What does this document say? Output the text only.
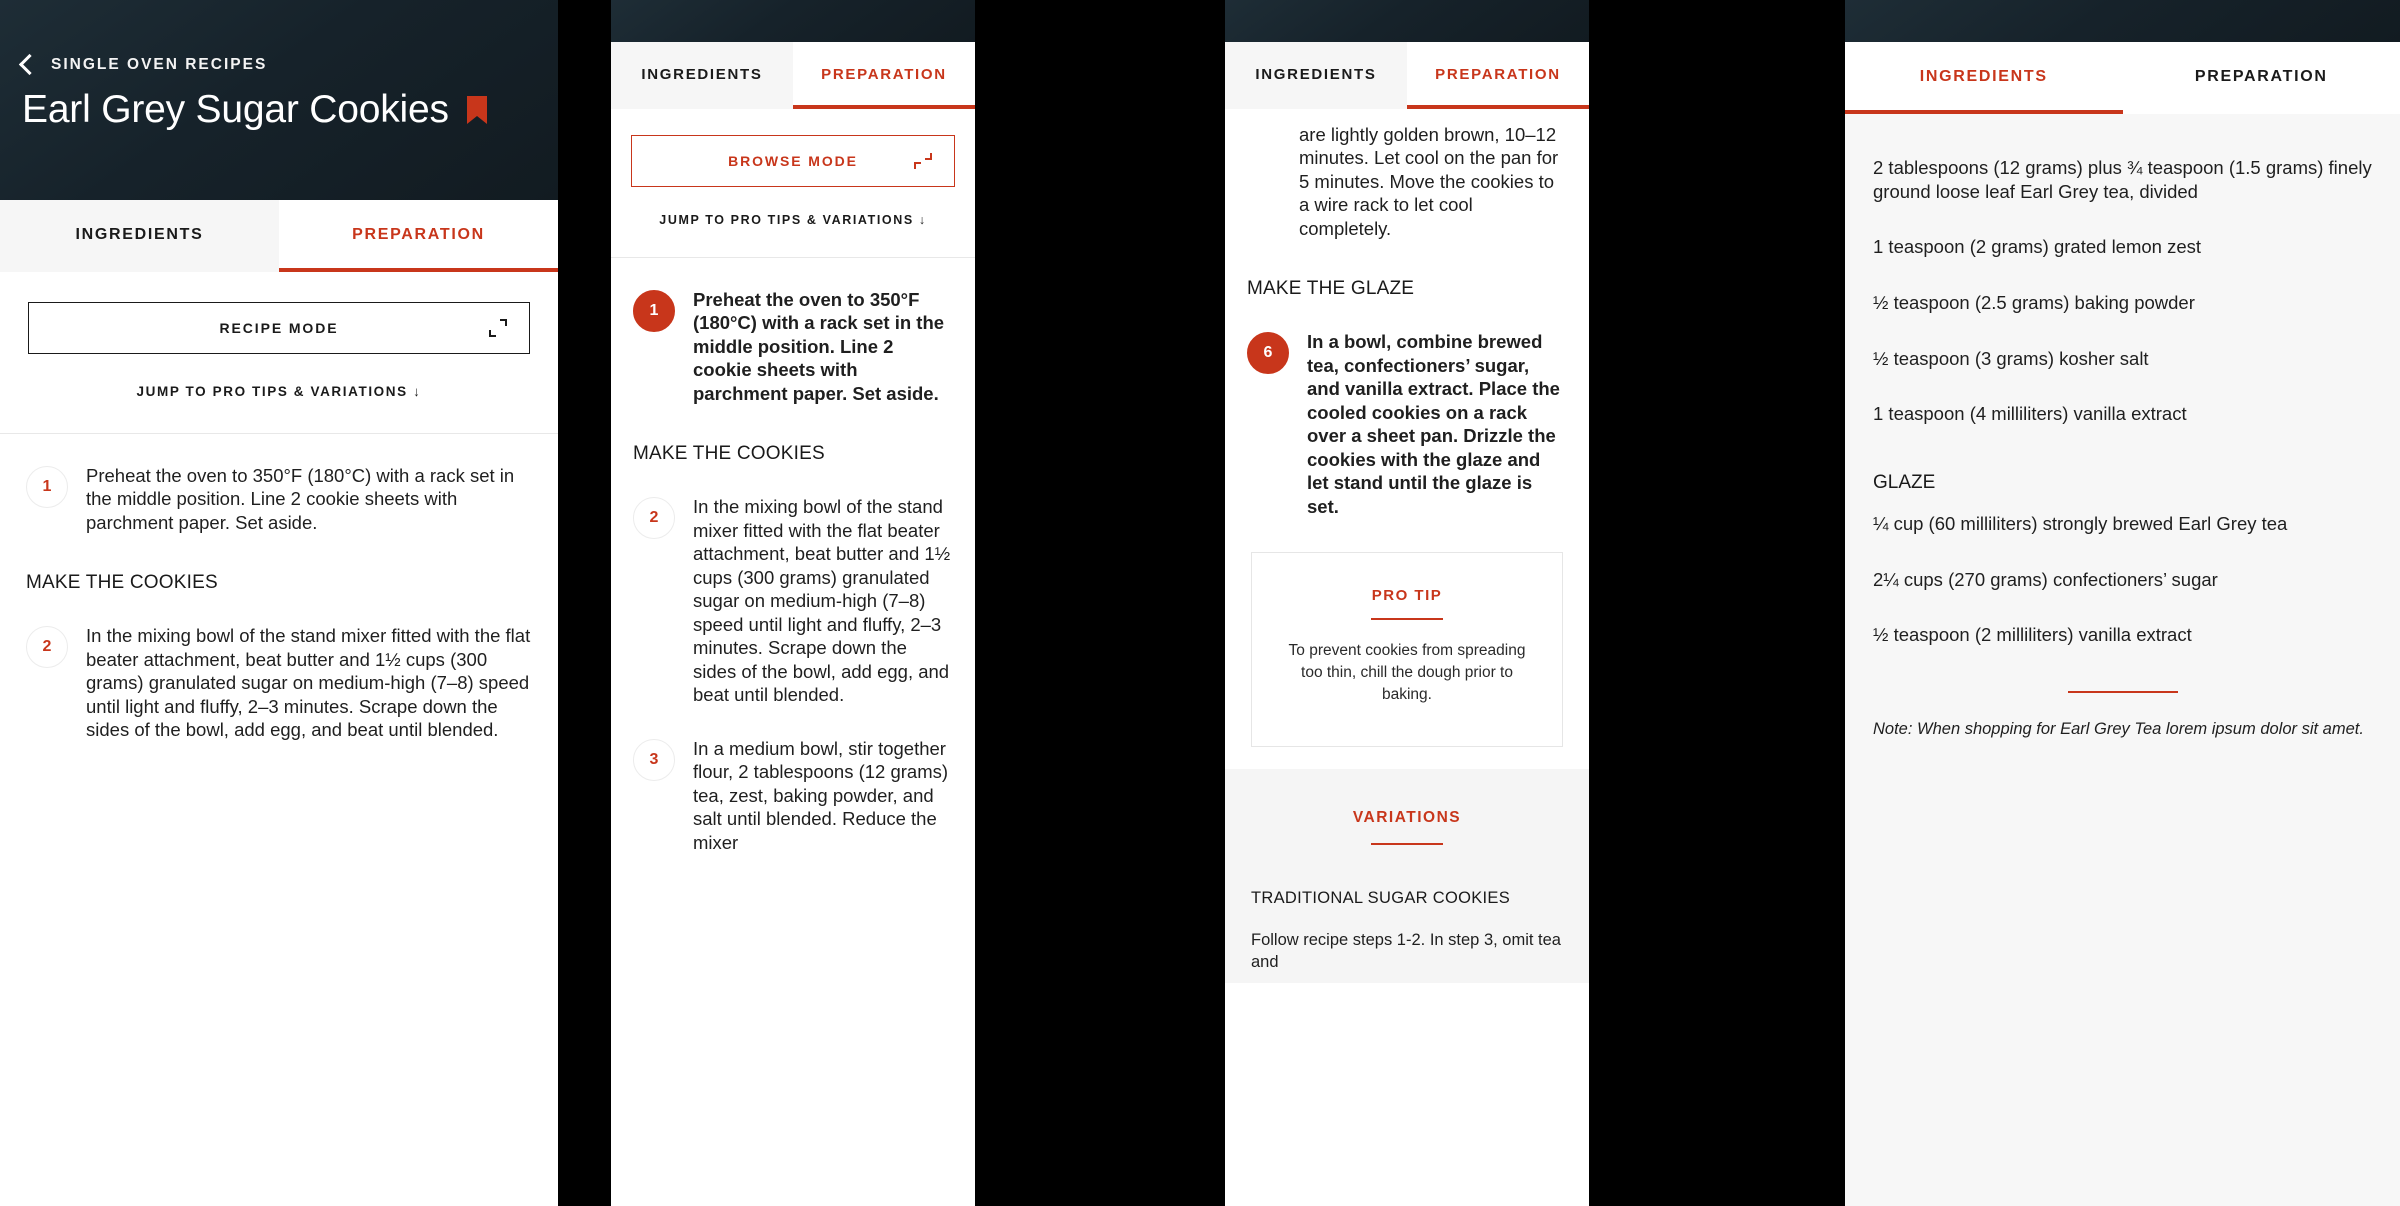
SINGLE OVEN RECIPES
Earl Grey Sugar Cookies
INGREDIENTS	PREPARATION
RECIPE MODE
JUMP TO PRO TIPS & VARIATIONS ↓
1
Preheat the oven to 350°F (180°C) with a rack set in the middle position. Line 2 cookie sheets with parchment paper. Set aside.
MAKE THE COOKIES
2
In the mixing bowl of the stand mixer fitted with the flat beater attachment, beat butter and 1½ cups (300 grams) granulated sugar on medium-high (7–8) speed until light and fluffy, 2–3 minutes. Scrape down the sides of the bowl, add egg, and beat until blended.
INGREDIENTS	PREPARATION
BROWSE MODE
JUMP TO PRO TIPS & VARIATIONS ↓
1
Preheat the oven to 350°F (180°C) with a rack set in the middle position. Line 2 cookie sheets with parchment paper. Set aside.
MAKE THE COOKIES
2
In the mixing bowl of the stand mixer fitted with the flat beater attachment, beat butter and 1½ cups (300 grams) granulated sugar on medium-high (7–8) speed until light and fluffy, 2–3 minutes. Scrape down the sides of the bowl, add egg, and beat until blended.
3
In a medium bowl, stir together flour, 2 tablespoons (12 grams) tea, zest, baking powder, and salt until blended. Reduce the mixer
INGREDIENTS	PREPARATION
are lightly golden brown, 10–12 minutes. Let cool on the pan for 5 minutes. Move the cookies to a wire rack to let cool completely.
MAKE THE GLAZE
6
In a bowl, combine brewed tea, confectioners’ sugar, and vanilla extract. Place the cooled cookies on a rack over a sheet pan. Drizzle the cookies with the glaze and let stand until the glaze is set.
PRO TIP
To prevent cookies from spreading too thin, chill the dough prior to baking.
VARIATIONS
TRADITIONAL SUGAR COOKIES
Follow recipe steps 1-2. In step 3, omit tea and
INGREDIENTS	PREPARATION
2 tablespoons (12 grams) plus ¾ teaspoon (1.5 grams) finely ground loose leaf Earl Grey tea, divided
1 teaspoon (2 grams) grated lemon zest
½ teaspoon (2.5 grams) baking powder
½ teaspoon (3 grams) kosher salt
1 teaspoon (4 milliliters) vanilla extract
GLAZE
¼ cup (60 milliliters) strongly brewed Earl Grey tea
2¼ cups (270 grams) confectioners’ sugar
½ teaspoon (2 milliliters) vanilla extract
Note: When shopping for Earl Grey Tea lorem ipsum dolor sit amet.
